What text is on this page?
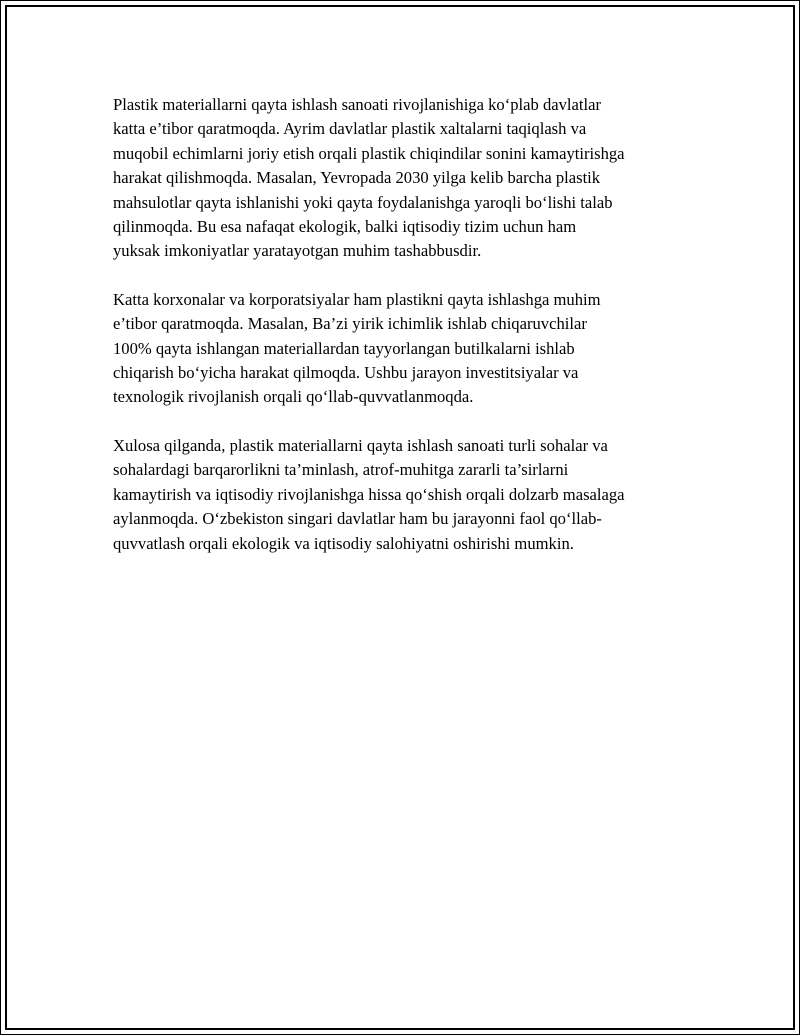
Plastik materiallarni qayta ishlash sanoati rivojlanishiga ko‘plab davlatlar
katta e’tibor qaratmoqda. Ayrim davlatlar plastik xaltalarni taqiqlash va
muqobil echimlarni joriy etish orqali plastik chiqindilar sonini kamaytirishga
harakat qilishmoqda. Masalan, Yevropada 2030 yilga kelib barcha plastik
mahsulotlar qayta ishlanishi yoki qayta foydalanishga yaroqli bo‘lishi talab
qilinmoqda. Bu esa nafaqat ekologik, balki iqtisodiy tizim uchun ham
yuksak imkoniyatlar yaratayotgan muhim tashabbusdir.

Katta korxonalar va korporatsiyalar ham plastikni qayta ishlashga muhim
e’tibor qaratmoqda. Masalan, Ba’zi yirik ichimlik ishlab chiqaruvchilar
100% qayta ishlangan materiallardan tayyorlangan butilkalarni ishlab
chiqarish bo‘yicha harakat qilmoqda. Ushbu jarayon investitsiyalar va
texnologik rivojlanish orqali qo‘llab-quvvatlanmoqda.

Xulosa qilganda, plastik materiallarni qayta ishlash sanoati turli sohalar va
sohalardagi barqarorlikni ta’minlash, atrof-muhitga zararli ta’sirlarni
kamaytirish va iqtisodiy rivojlanishga hissa qo‘shish orqali dolzarb masalaga
aylanmoqda. O‘zbekiston singari davlatlar ham bu jarayonni faol qo‘llab-
quvvatlash orqali ekologik va iqtisodiy salohiyatni oshirishi mumkin.
